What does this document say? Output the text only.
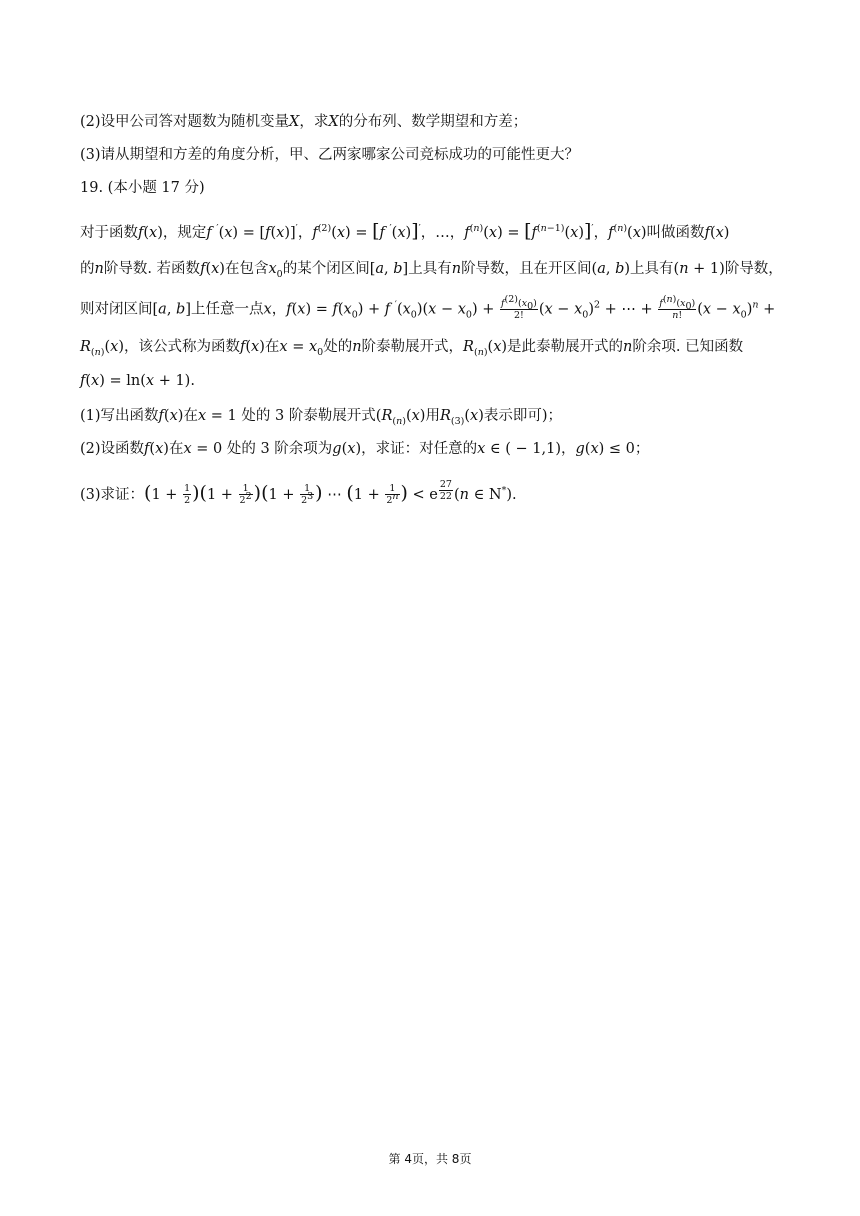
(2)设甲公司答对题数为随机变量X，求X的分布列、数学期望和方差；
(3)请从期望和方差的角度分析，甲、乙两家哪家公司竞标成功的可能性更大？
19. (本小题 17 分)
对于函数f(x)，规定f ′(x) = [f(x)]′，$f^{(2)}(x) = [f$ ′(x)]′，…，$f^{(n)}(x) = [f^{(n-1)}(x)]'$，$f^{(n)}(x)$叫做函数f(x)
的n阶导数. 若函数f(x)在包含$x_0$的某个闭区间[a, b]上具有n阶导数，且在开区间(a, b)上具有(n + 1)阶导数，
则对闭区间[a, b]上任意一点x，$f(x) = f(x_0) + f$ $'(x_0)(x - x_0) + \frac{f^{(2)}(x_0)}{2!} (x - x_0)^2$ + ⋯ + $\frac{f^{(n)}(x_0)}{n!} (x - x_0)^n$ +
$R_{(n)}(x)$，该公式称为函数f(x)在$x = x_0$处的n阶泰勒展开式，$R_{(n)}(x)$是此泰勒展开式的n阶余项. 已知函数
f(x) = ln(x + 1).
(1)写出函数f(x)在x = 1 处的 3 阶泰勒展开式($R_{(n)}(x)$用$R_{(3)}(x)$表示即可)；
(2)设函数f(x)在x = 0 处的 3 阶余项为g(x)，求证：对任意的x ∈ ( − 1,1)，g(x) ≤ 0；
(3)求证：$(1 + \frac{1}{2} )(1 + \frac{1}{2^2} )(1 + \frac{1}{2^3}$ ) ⋯ ($1 + \frac{1}{2^n}$ ) < e $^{\frac{27}{22}}$ (n ∈ N*).
第 4页，共 8页
